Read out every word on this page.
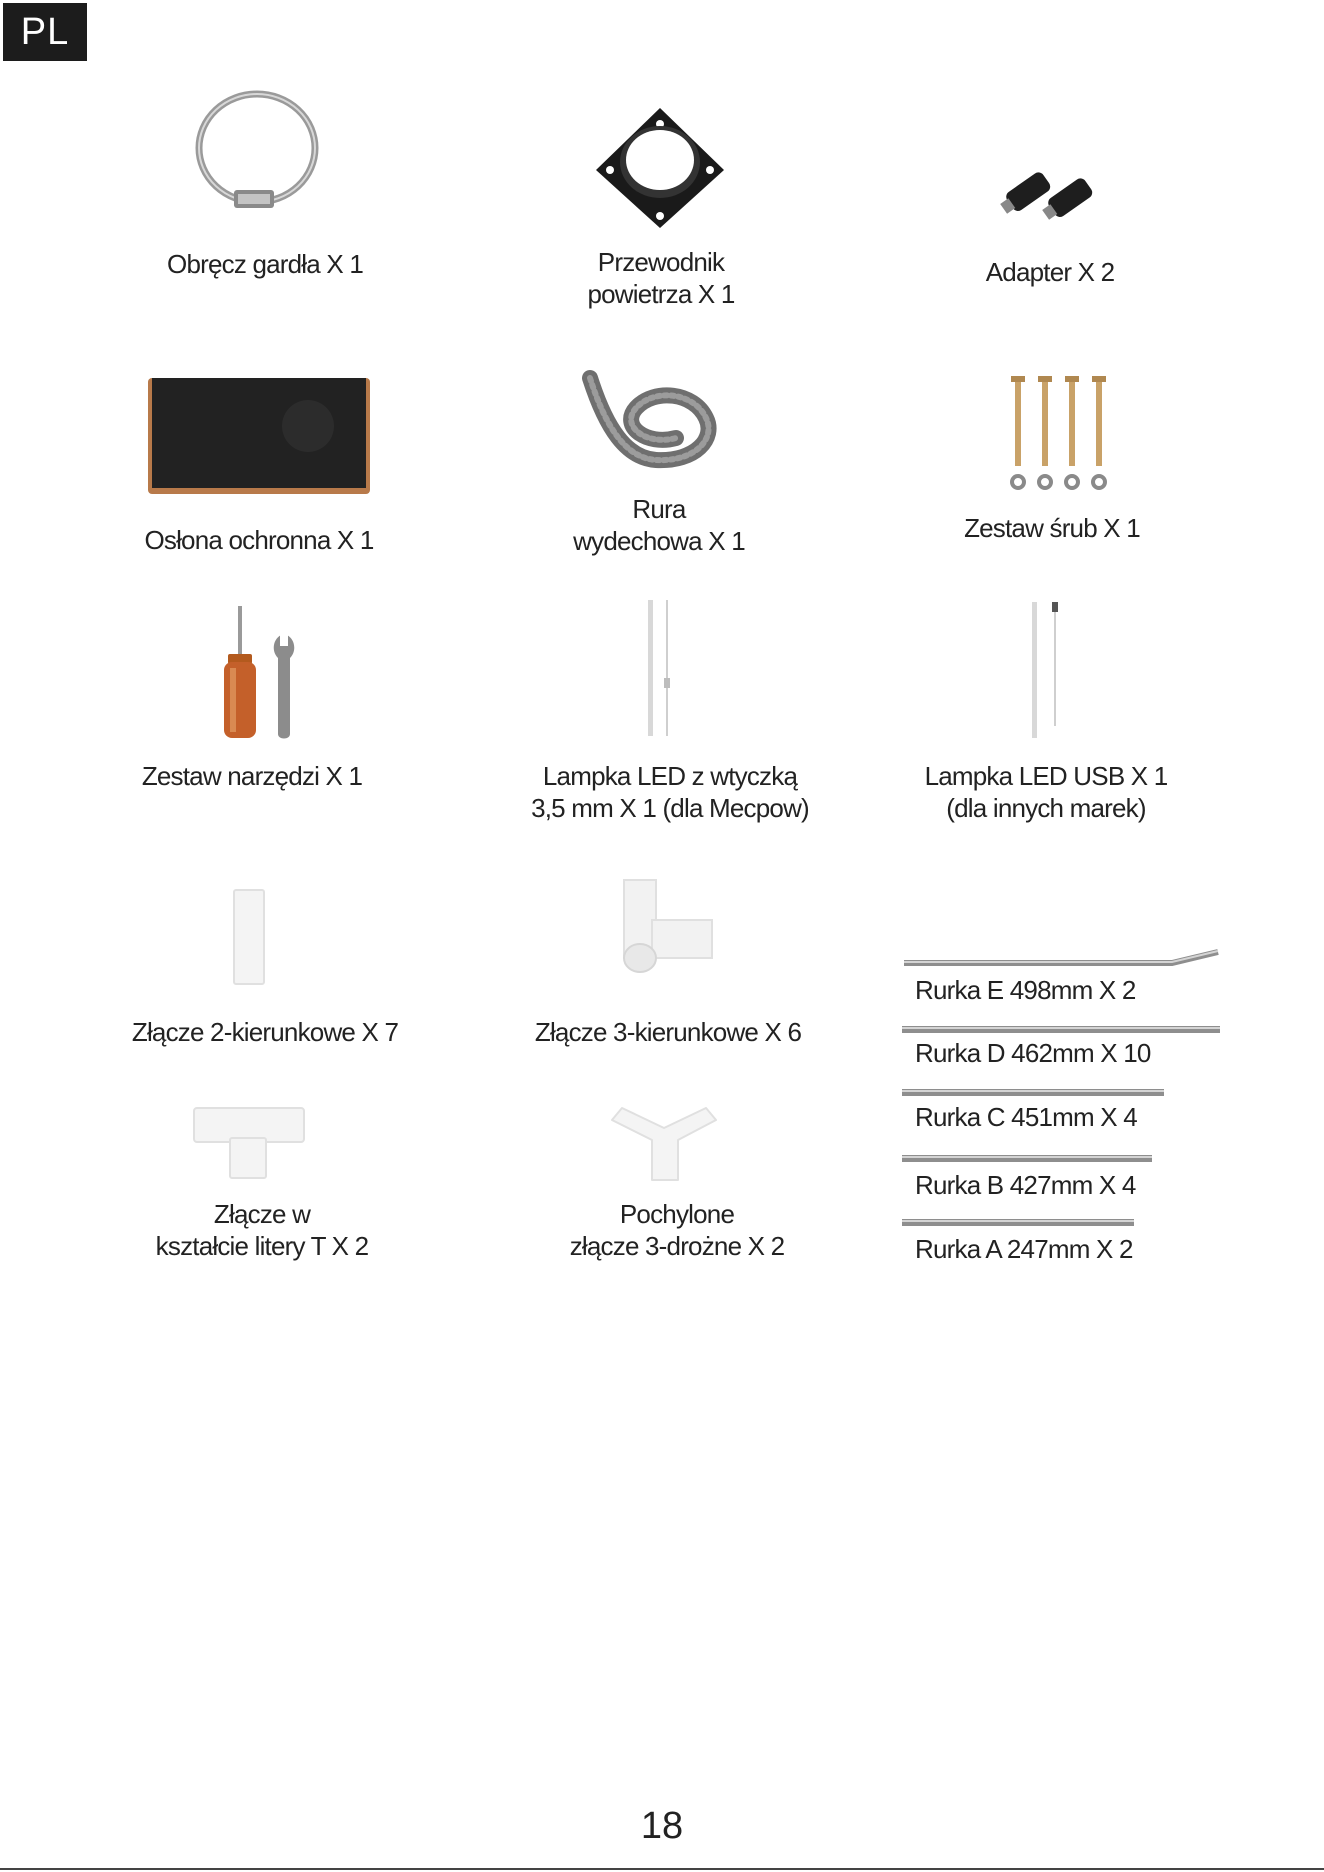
PL
Obręcz gardła X 1	Przewodnik
powietrza X 1
Adapter X 2
Osłona ochronna X 1
Rura
wydechowa X 1	Zestaw śrub X 1
Zestaw narzędzi X 1	Lampka LED z wtyczką
3,5 mm X 1 (dla Mecpow)
Lampka LED USB X 1
(dla innych marek)
Złącze 2-kierunkowe X 7	Złącze 3-kierunkowe X 6
Złącze w
kształcie litery T X 2
Pochylone
złącze 3-drożne X 2
Rurka E 498mm X 2
Rurka D 462mm X 10
Rurka C 451mm X 4
Rurka B 427mm X 4
Rurka A 247mm X 2
18
